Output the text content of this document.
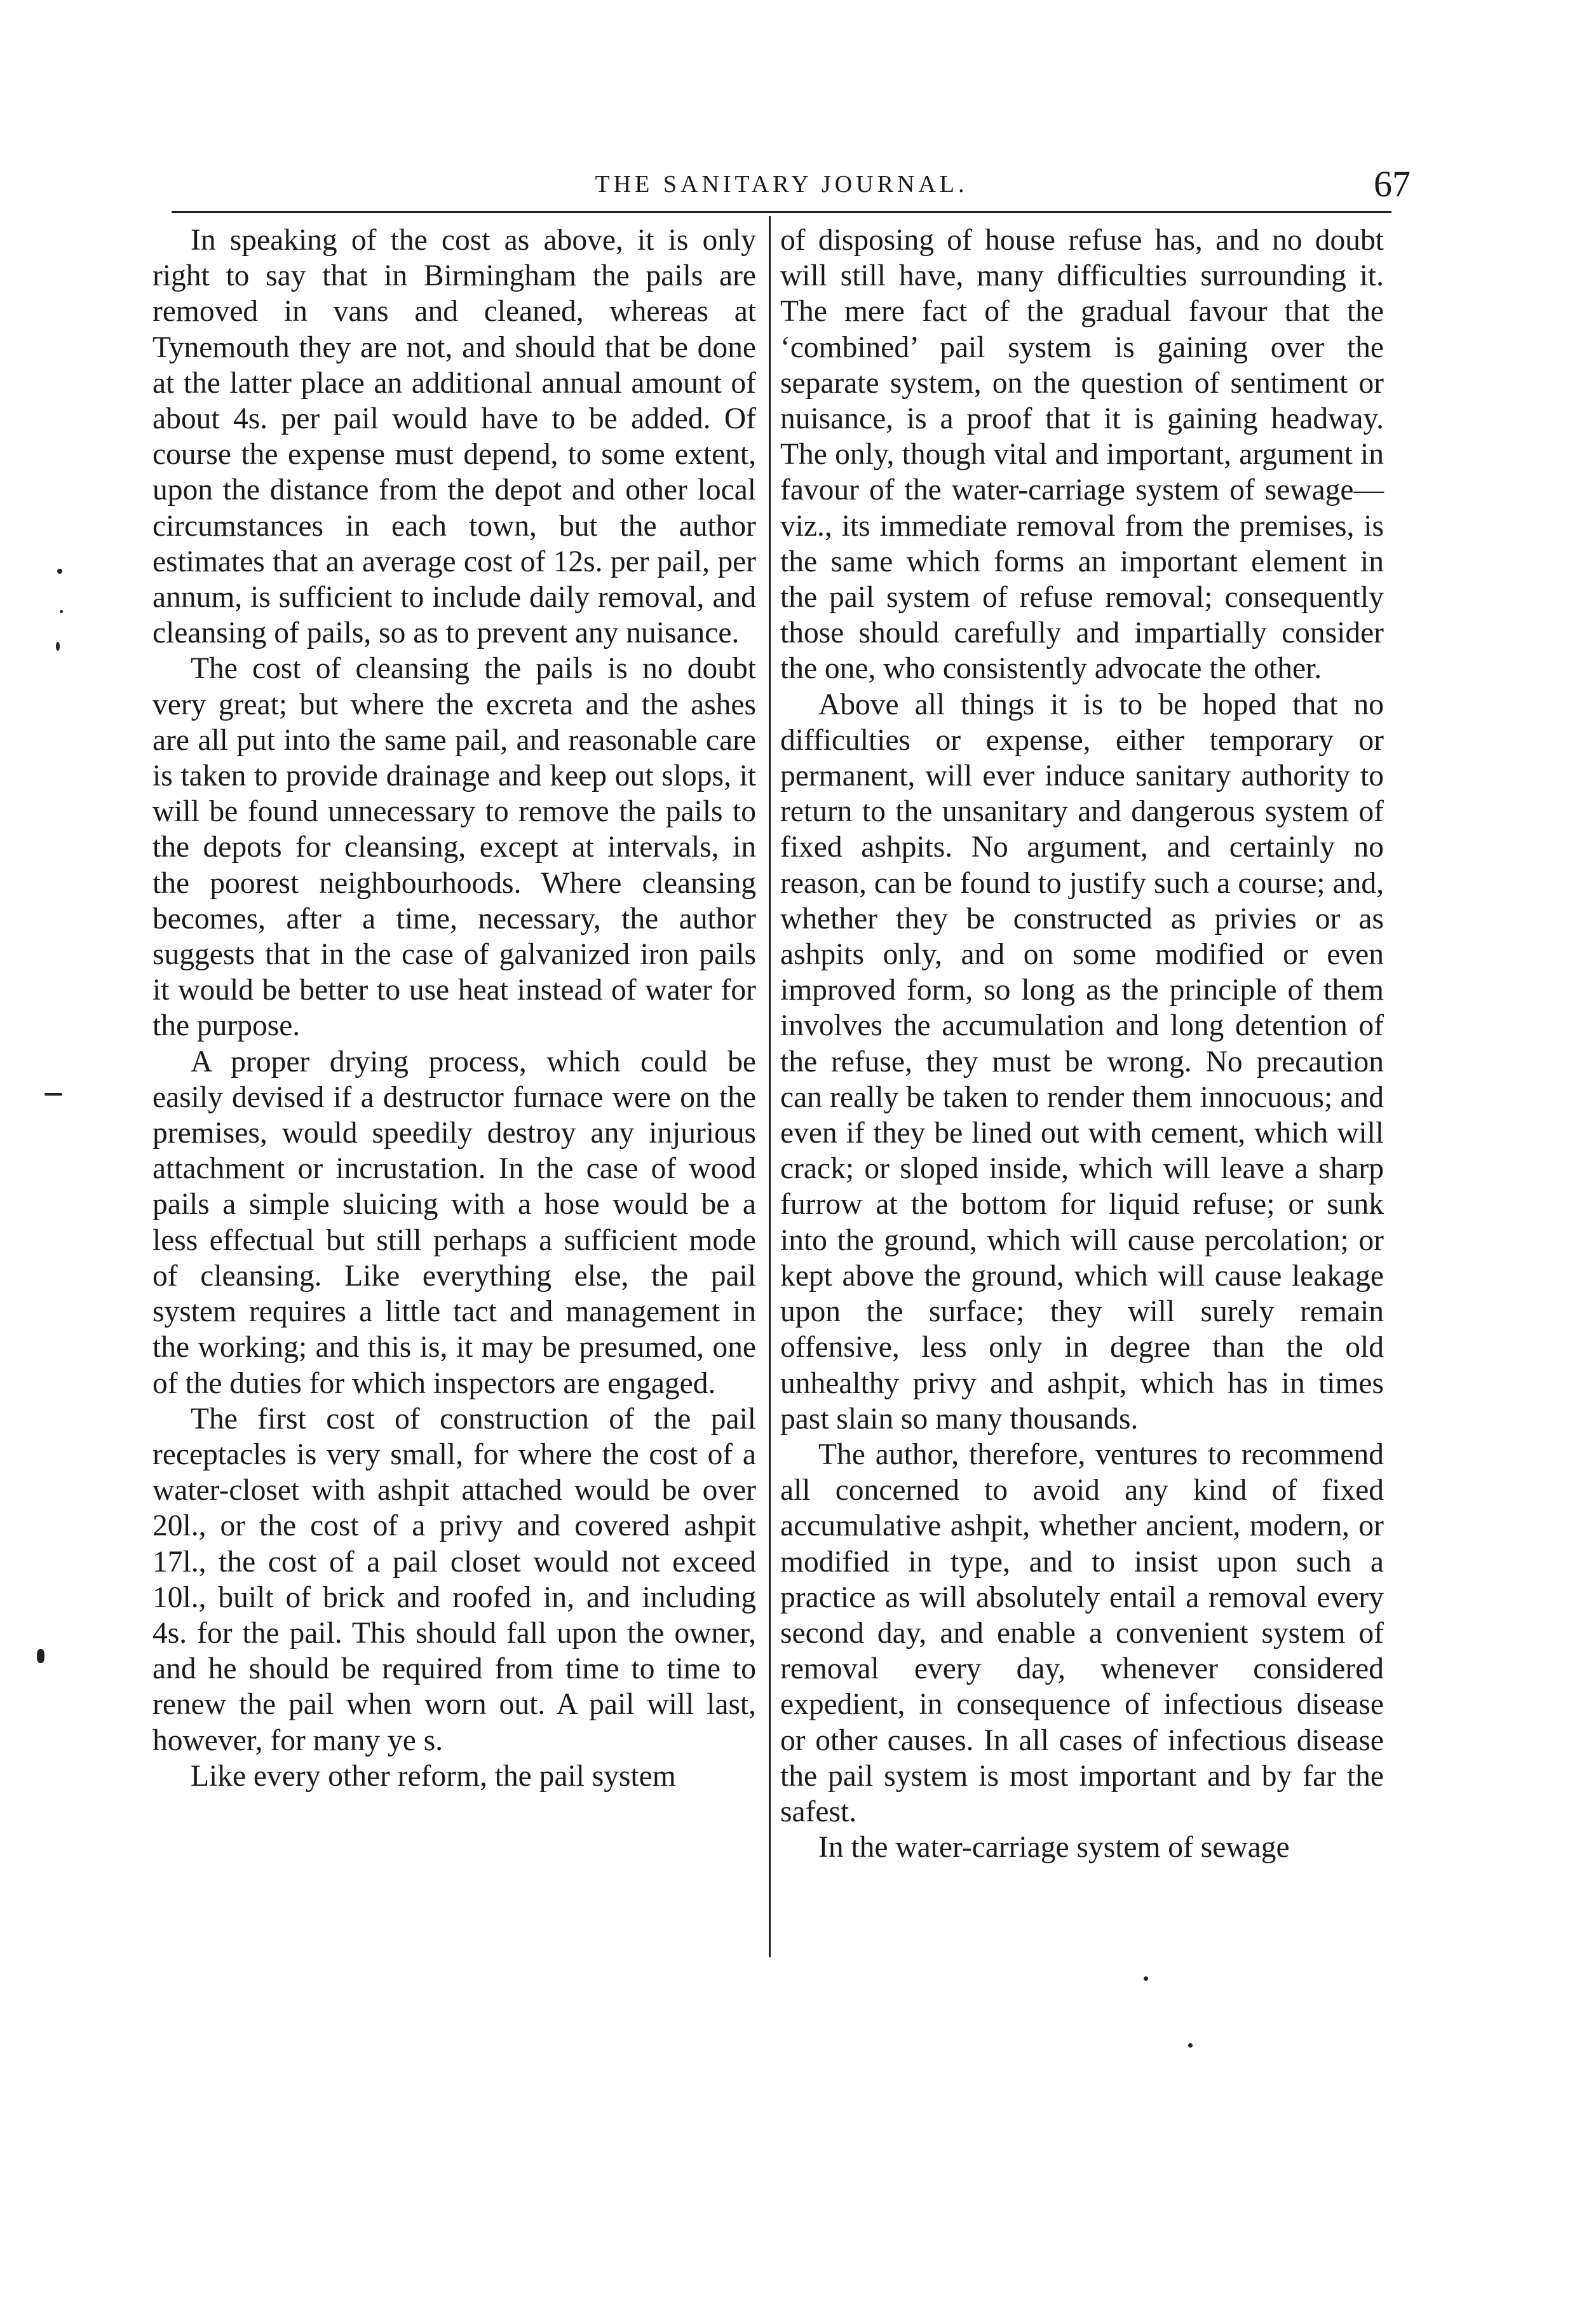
THE SANITARY JOURNAL.	67

In speaking of the cost as above, it is only right to say that in Birmingham the pails are removed in vans and cleaned, whereas at Tynemouth they are not, and should that be done at the latter place an additional annual amount of about 4s. per pail would have to be added. Of course the expense must depend, to some extent, upon the distance from the depot and other local circumstances in each town, but the author estimates that an average cost of 12s. per pail, per annum, is sufficient to include daily removal, and cleansing of pails, so as to prevent any nuisance.

The cost of cleansing the pails is no doubt very great; but where the excreta and the ashes are all put into the same pail, and reasonable care is taken to provide drainage and keep out slops, it will be found unnecessary to remove the pails to the depots for cleansing, except at intervals, in the poorest neighbourhoods. Where cleansing becomes, after a time, necessary, the author suggests that in the case of galvanized iron pails it would be better to use heat instead of water for the purpose.

A proper drying process, which could be easily devised if a destructor furnace were on the premises, would speedily destroy any injurious attachment or incrustation. In the case of wood pails a simple sluicing with a hose would be a less effectual but still perhaps a sufficient mode of cleansing. Like everything else, the pail system requires a little tact and management in the working; and this is, it may be presumed, one of the duties for which inspectors are engaged.

The first cost of construction of the pail receptacles is very small, for where the cost of a water-closet with ashpit attached would be over 20l., or the cost of a privy and covered ashpit 17l., the cost of a pail closet would not exceed 10l., built of brick and roofed in, and including 4s. for the pail. This should fall upon the owner, and he should be required from time to time to renew the pail when worn out. A pail will last, however, for many ye s.

Like every other reform, the pail system

of disposing of house refuse has, and no doubt will still have, many difficulties surrounding it. The mere fact of the gradual favour that the ‘combined’ pail system is gaining over the separate system, on the question of sentiment or nuisance, is a proof that it is gaining headway. The only, though vital and important, argument in favour of the water-carriage system of sewage—viz., its immediate removal from the premises, is the same which forms an important element in the pail system of refuse removal; consequently those should carefully and impartially consider the one, who consistently advocate the other.

Above all things it is to be hoped that no difficulties or expense, either temporary or permanent, will ever induce sanitary authority to return to the unsanitary and dangerous system of fixed ashpits. No argument, and certainly no reason, can be found to justify such a course; and, whether they be constructed as privies or as ashpits only, and on some modified or even improved form, so long as the principle of them involves the accumulation and long detention of the refuse, they must be wrong. No precaution can really be taken to render them innocuous; and even if they be lined out with cement, which will crack; or sloped inside, which will leave a sharp furrow at the bottom for liquid refuse; or sunk into the ground, which will cause percolation; or kept above the ground, which will cause leakage upon the surface; they will surely remain offensive, less only in degree than the old unhealthy privy and ashpit, which has in times past slain so many thousands.

The author, therefore, ventures to recommend all concerned to avoid any kind of fixed accumulative ashpit, whether ancient, modern, or modified in type, and to insist upon such a practice as will absolutely entail a removal every second day, and enable a convenient system of removal every day, whenever considered expedient, in consequence of infectious disease or other causes. In all cases of infectious disease the pail system is most important and by far the safest.

In the water-carriage system of sewage
